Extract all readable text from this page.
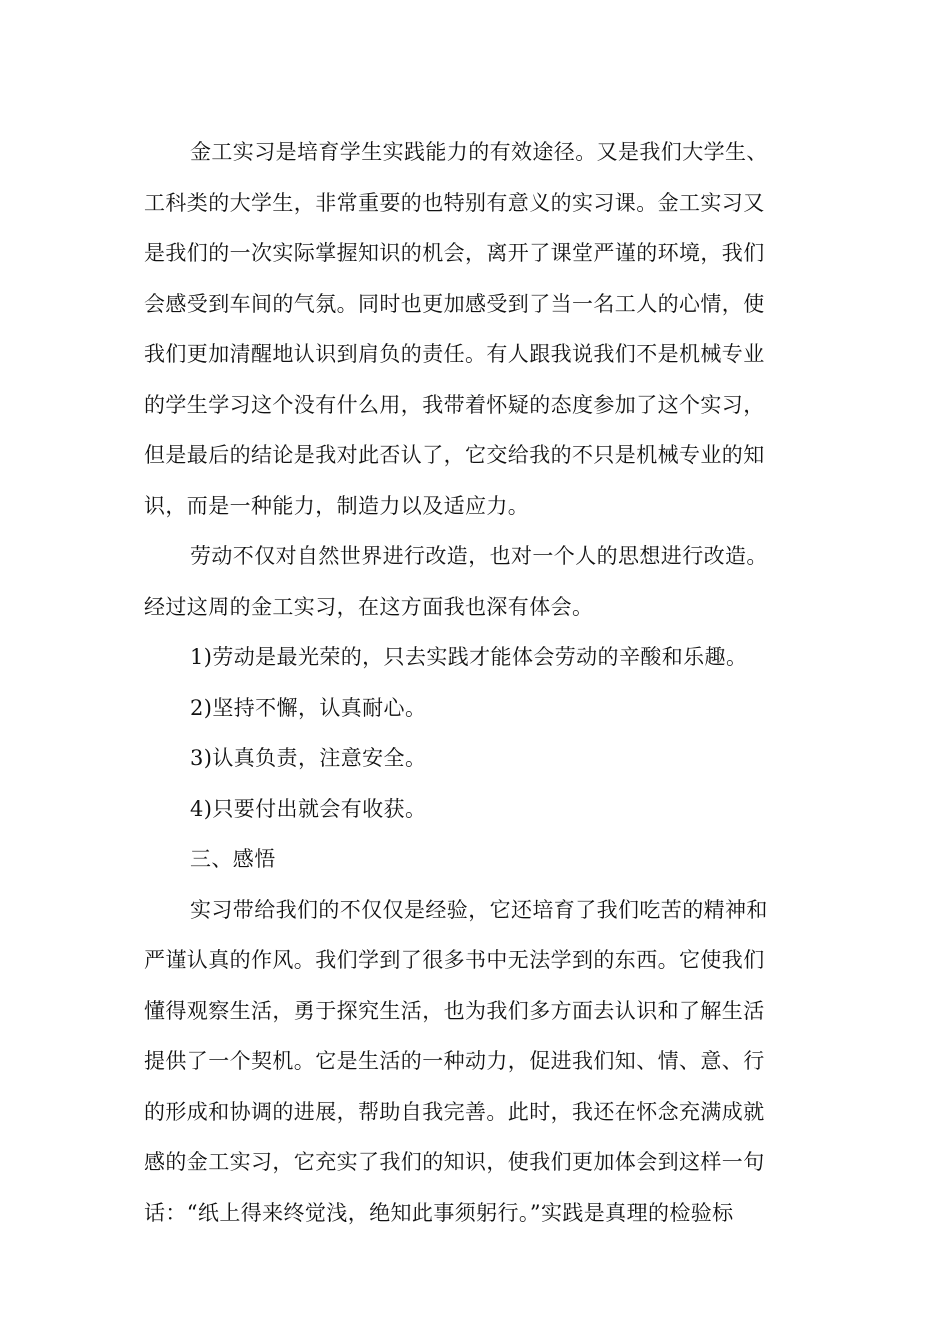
金工实习是培育学生实践能力的有效途径。又是我们大学生、
工科类的大学生，非常重要的也特别有意义的实习课。金工实习又
是我们的一次实际掌握知识的机会，离开了课堂严谨的环境，我们
会感受到车间的气氛。同时也更加感受到了当一名工人的心情，使
我们更加清醒地认识到肩负的责任。有人跟我说我们不是机械专业
的学生学习这个没有什么用，我带着怀疑的态度参加了这个实习，
但是最后的结论是我对此否认了，它交给我的不只是机械专业的知
识，而是一种能力，制造力以及适应力。

劳动不仅对自然世界进行改造，也对一个人的思想进行改造。
经过这周的金工实习，在这方面我也深有体会。

1)劳动是最光荣的，只去实践才能体会劳动的辛酸和乐趣。

2)坚持不懈，认真耐心。

3)认真负责，注意安全。

4)只要付出就会有收获。

三、感悟

实习带给我们的不仅仅是经验，它还培育了我们吃苦的精神和
严谨认真的作风。我们学到了很多书中无法学到的东西。它使我们
懂得观察生活，勇于探究生活，也为我们多方面去认识和了解生活
提供了一个契机。它是生活的一种动力，促进我们知、情、意、行
的形成和协调的进展，帮助自我完善。此时，我还在怀念充满成就
感的金工实习，它充实了我们的知识，使我们更加体会到这样一句
话：“纸上得来终觉浅，绝知此事须躬行。”实践是真理的检验标
